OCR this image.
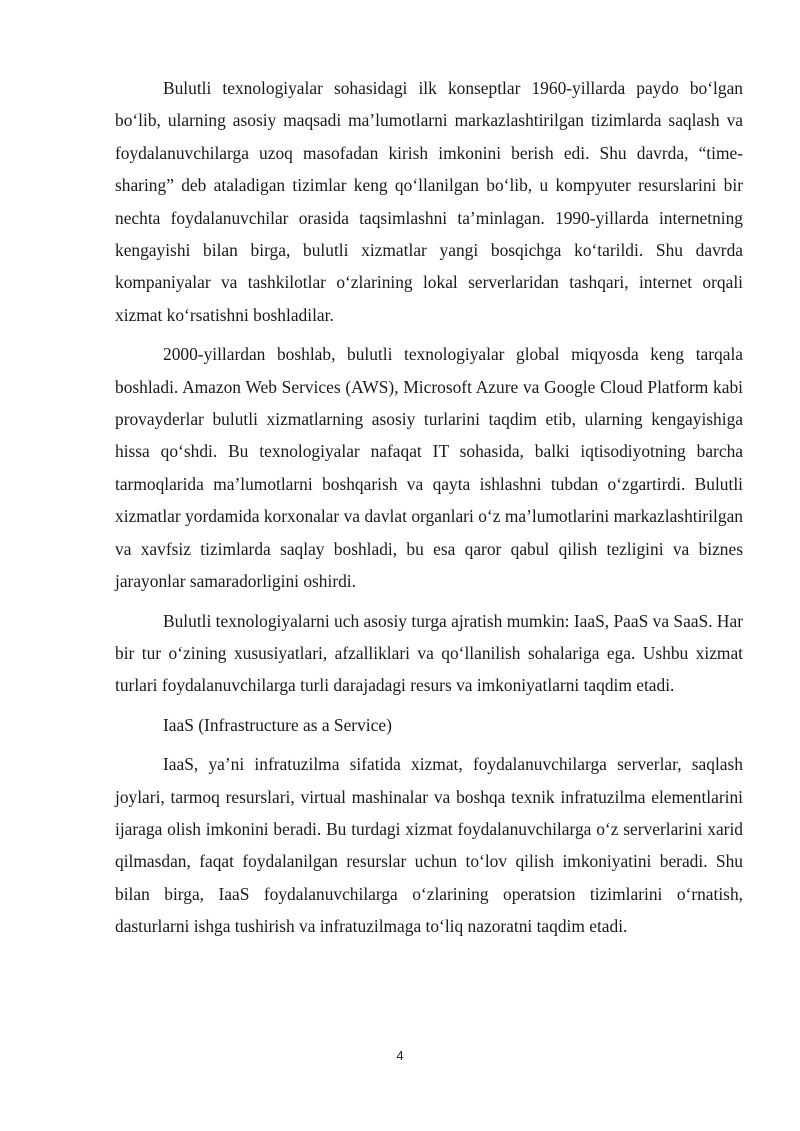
Bulutli texnologiyalar sohasidagi ilk konseptlar 1960-yillarda paydo bo‘lgan bo‘lib, ularning asosiy maqsadi ma’lumotlarni markazlashtirilgan tizimlarda saqlash va foydalanuvchilarga uzoq masofadan kirish imkonini berish edi. Shu davrda, “time-sharing” deb ataladigan tizimlar keng qo‘llanilgan bo‘lib, u kompyuter resurslarini bir nechta foydalanuvchilar orasida taqsimlashni ta’minlagan. 1990-yillarda internetning kengayishi bilan birga, bulutli xizmatlar yangi bosqichga ko‘tarildi. Shu davrda kompaniyalar va tashkilotlar o‘zlarining lokal serverlaridan tashqari, internet orqali xizmat ko‘rsatishni boshladilar.

2000-yillardan boshlab, bulutli texnologiyalar global miqyosda keng tarqala boshladi. Amazon Web Services (AWS), Microsoft Azure va Google Cloud Platform kabi provayderlar bulutli xizmatlarning asosiy turlarini taqdim etib, ularning kengayishiga hissa qo‘shdi. Bu texnologiyalar nafaqat IT sohasida, balki iqtisodiyotning barcha tarmoqlarida ma’lumotlarni boshqarish va qayta ishlashni tubdan o‘zgartirdi. Bulutli xizmatlar yordamida korxonalar va davlat organlari o‘z ma’lumotlarini markazlashtirilgan va xavfsiz tizimlarda saqlay boshladi, bu esa qaror qabul qilish tezligini va biznes jarayonlar samaradorligini oshirdi.

Bulutli texnologiyalarni uch asosiy turga ajratish mumkin: IaaS, PaaS va SaaS. Har bir tur o‘zining xususiyatlari, afzalliklari va qo‘llanilish sohalariga ega. Ushbu xizmat turlari foydalanuvchilarga turli darajadagi resurs va imkoniyatlarni taqdim etadi.

IaaS (Infrastructure as a Service)

IaaS, ya’ni infratuzilma sifatida xizmat, foydalanuvchilarga serverlar, saqlash joylari, tarmoq resurslari, virtual mashinalar va boshqa texnik infratuzilma elementlarini ijaraga olish imkonini beradi. Bu turdagi xizmat foydalanuvchilarga o‘z serverlarini xarid qilmasdan, faqat foydalanilgan resurslar uchun to‘lov qilish imkoniyatini beradi. Shu bilan birga, IaaS foydalanuvchilarga o‘zlarining operatsion tizimlarini o‘rnatish, dasturlarni ishga tushirish va infratuzilmaga to‘liq nazoratni taqdim etadi.

4
